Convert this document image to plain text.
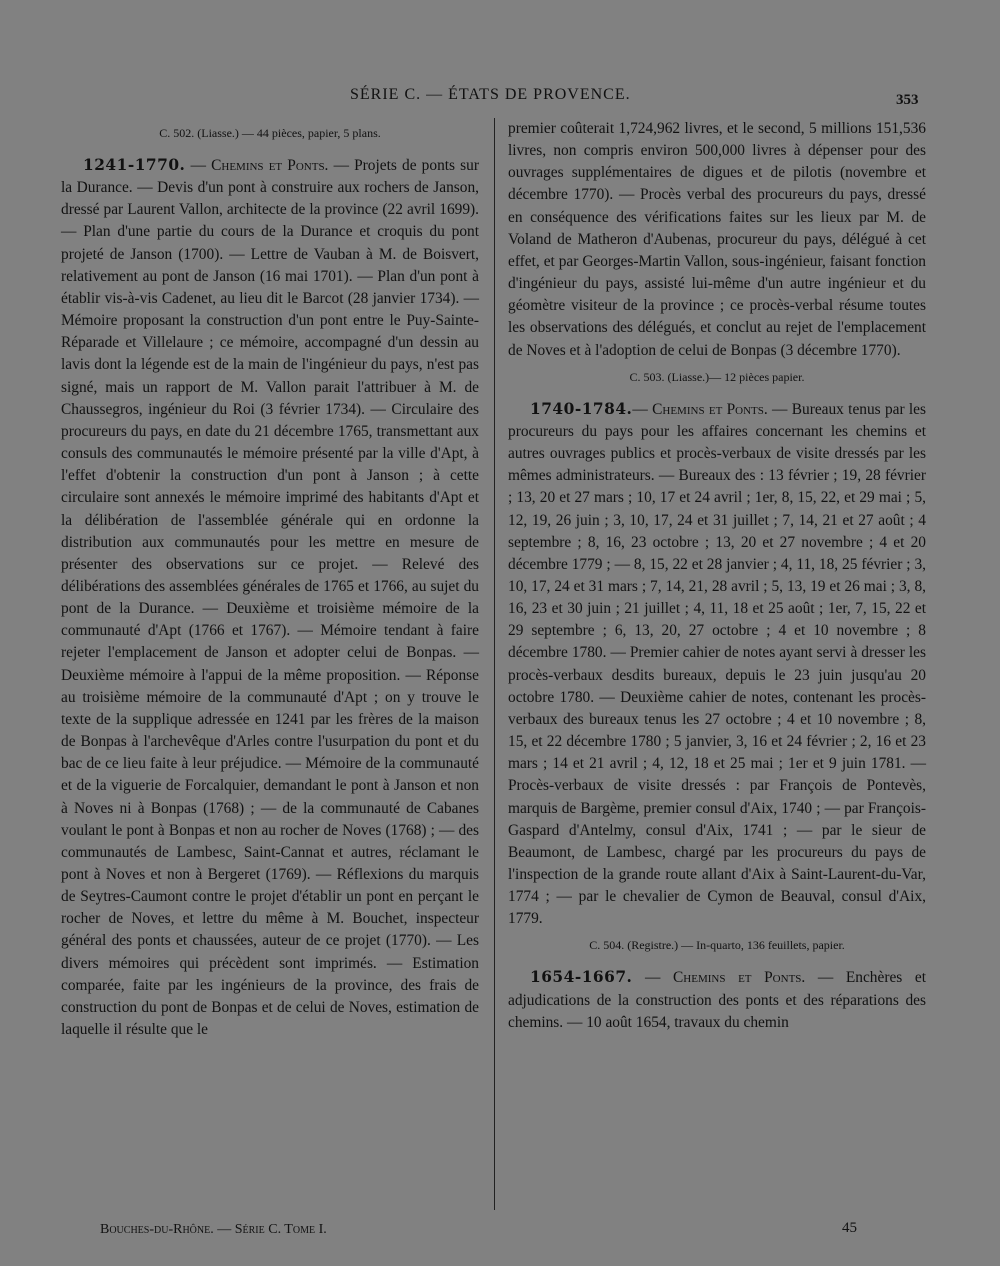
SÉRIE C. — ÉTATS DE PROVENCE.	353
C. 502. (Liasse.) — 44 pièces, papier, 5 plans.

1241-1770. — Chemins et Ponts. — Projets de ponts sur la Durance. — Devis d'un pont à construire aux rochers de Janson, dressé par Laurent Vallon, architecte de la province (22 avril 1699). — Plan d'une partie du cours de la Durance et croquis du pont projeté de Janson (1700). — Lettre de Vauban à M. de Boisvert, relativement au pont de Janson (16 mai 1701). — Plan d'un pont à établir vis-à-vis Cadenet, au lieu dit le Barcot (28 janvier 1734). — Mémoire proposant la construction d'un pont entre le Puy-Sainte-Réparade et Villelaure ; ce mémoire, accompagné d'un dessin au lavis dont la légende est de la main de l'ingénieur du pays, n'est pas signé, mais un rapport de M. Vallon parait l'attribuer à M. de Chaussegros, ingénieur du Roi (3 février 1734). — Circulaire des procureurs du pays, en date du 21 décembre 1765, transmettant aux consuls des communautés le mémoire présenté par la ville d'Apt, à l'effet d'obtenir la construction d'un pont à Janson ; à cette circulaire sont annexés le mémoire imprimé des habitants d'Apt et la délibération de l'assemblée générale qui en ordonne la distribution aux communautés pour les mettre en mesure de présenter des observations sur ce projet. — Relevé des délibérations des assemblées générales de 1765 et 1766, au sujet du pont de la Durance. — Deuxième et troisième mémoire de la communauté d'Apt (1766 et 1767). — Mémoire tendant à faire rejeter l'emplacement de Janson et adopter celui de Bonpas. — Deuxième mémoire à l'appui de la même proposition. — Réponse au troisième mémoire de la communauté d'Apt ; on y trouve le texte de la supplique adressée en 1241 par les frères de la maison de Bonpas à l'archevêque d'Arles contre l'usurpation du pont et du bac de ce lieu faite à leur préjudice. — Mémoire de la communauté et de la viguerie de Forcalquier, demandant le pont à Janson et non à Noves ni à Bonpas (1768) ; — de la communauté de Cabanes voulant le pont à Bonpas et non au rocher de Noves (1768) ; — des communautés de Lambesc, Saint-Cannat et autres, réclamant le pont à Noves et non à Bergeret (1769). — Réflexions du marquis de Seytres-Caumont contre le projet d'établir un pont en perçant le rocher de Noves, et lettre du même à M. Bouchet, inspecteur général des ponts et chaussées, auteur de ce projet (1770). — Les divers mémoires qui précèdent sont imprimés. — Estimation comparée, faite par les ingénieurs de la province, des frais de construction du pont de Bonpas et de celui de Noves, estimation de laquelle il résulte que le

premier coûterait 1,724,962 livres, et le second, 5 millions 151,536 livres, non compris environ 500,000 livres à dépenser pour des ouvrages supplémentaires de digues et de pilotis (novembre et décembre 1770). — Procès verbal des procureurs du pays, dressé en conséquence des vérifications faites sur les lieux par M. de Voland de Matheron d'Aubenas, procureur du pays, délégué à cet effet, et par Georges-Martin Vallon, sous-ingénieur, faisant fonction d'ingénieur du pays, assisté lui-même d'un autre ingénieur et du géomètre visiteur de la province ; ce procès-verbal résume toutes les observations des délégués, et conclut au rejet de l'emplacement de Noves et à l'adoption de celui de Bonpas (3 décembre 1770).

C. 503. (Liasse.)— 12 pièces papier.

1740-1784.— Chemins et Ponts. — Bureaux tenus par les procureurs du pays pour les affaires concernant les chemins et autres ouvrages publics et procès-verbaux de visite dressés par les mêmes administrateurs. — Bureaux des : 13 février ; 19, 28 février ; 13, 20 et 27 mars ; 10, 17 et 24 avril ; 1er, 8, 15, 22, et 29 mai ; 5, 12, 19, 26 juin ; 3, 10, 17, 24 et 31 juillet ; 7, 14, 21 et 27 août ; 4 septembre ; 8, 16, 23 octobre ; 13, 20 et 27 novembre ; 4 et 20 décembre 1779 ; — 8, 15, 22 et 28 janvier ; 4, 11, 18, 25 février ; 3, 10, 17, 24 et 31 mars ; 7, 14, 21, 28 avril ; 5, 13, 19 et 26 mai ; 3, 8, 16, 23 et 30 juin ; 21 juillet ; 4, 11, 18 et 25 août ; 1er, 7, 15, 22 et 29 septembre ; 6, 13, 20, 27 octobre ; 4 et 10 novembre ; 8 décembre 1780. — Premier cahier de notes ayant servi à dresser les procès-verbaux desdits bureaux, depuis le 23 juin jusqu'au 20 octobre 1780. — Deuxième cahier de notes, contenant les procès-verbaux des bureaux tenus les 27 octobre ; 4 et 10 novembre ; 8, 15, et 22 décembre 1780 ; 5 janvier, 3, 16 et 24 février ; 2, 16 et 23 mars ; 14 et 21 avril ; 4, 12, 18 et 25 mai ; 1er et 9 juin 1781. — Procès-verbaux de visite dressés : par François de Pontevès, marquis de Bargème, premier consul d'Aix, 1740 ; — par François-Gaspard d'Antelmy, consul d'Aix, 1741 ; — par le sieur de Beaumont, de Lambesc, chargé par les procureurs du pays de l'inspection de la grande route allant d'Aix à Saint-Laurent-du-Var, 1774 ; — par le chevalier de Cymon de Beauval, consul d'Aix, 1779.

C. 504. (Registre.) — In-quarto, 136 feuillets, papier.

1654-1667. — Chemins et Ponts. — Enchères et adjudications de la construction des ponts et des réparations des chemins. — 10 août 1654, travaux du chemin

Bouches-du-Rhône. — Série C. Tome I.	45
